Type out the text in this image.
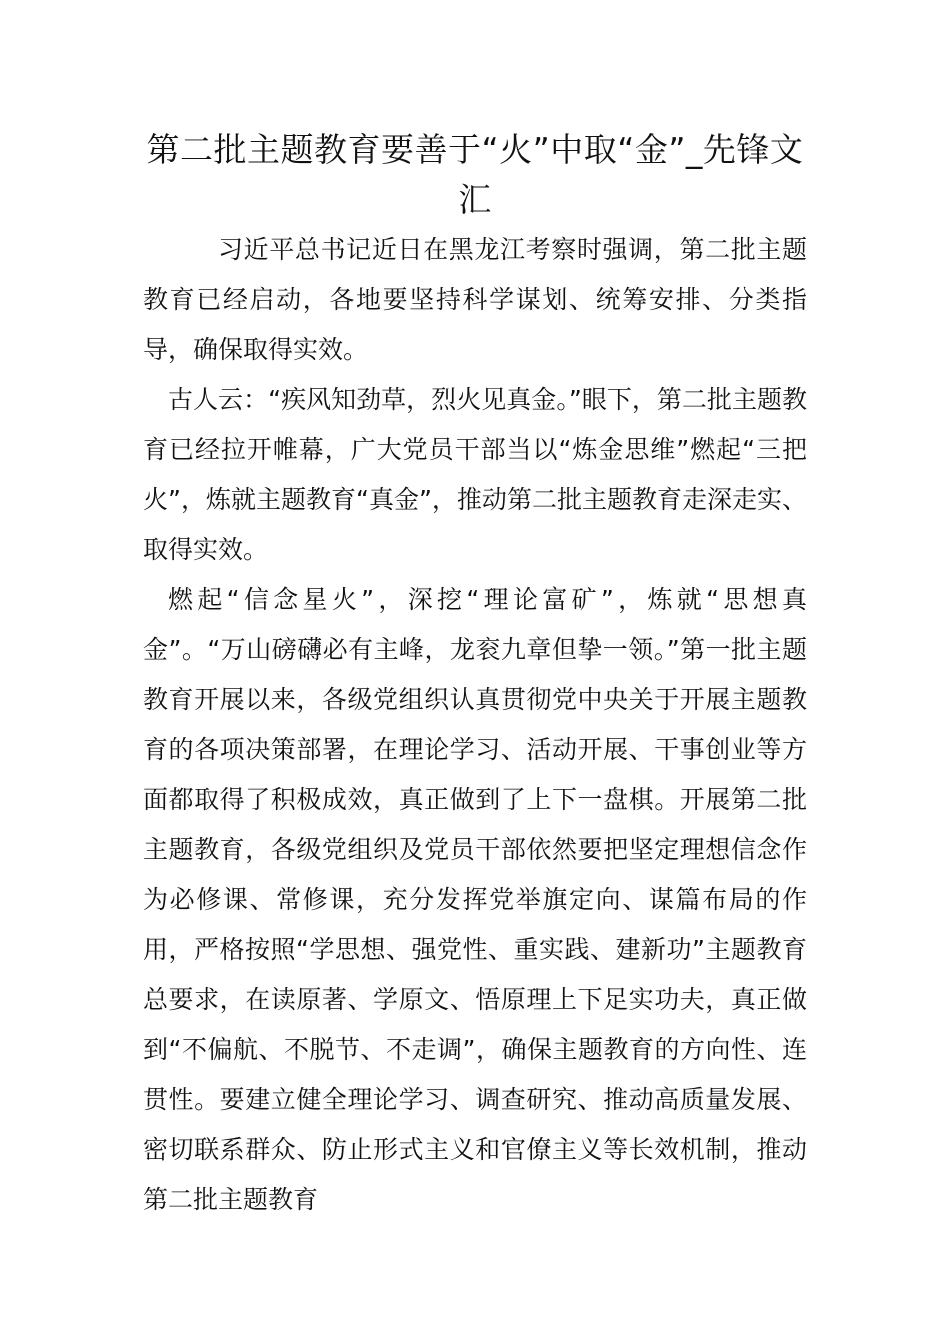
第二批主题教育要善于“火”中取“金”_先锋文汇

习近平总书记近日在黑龙江考察时强调，第二批主题教育已经启动，各地要坚持科学谋划、统筹安排、分类指导，确保取得实效。

古人云：“疾风知劲草，烈火见真金。”眼下，第二批主题教育已经拉开帷幕，广大党员干部当以“炼金思维”燃起“三把火”，炼就主题教育“真金”，推动第二批主题教育走深走实、取得实效。

燃起“信念星火”，深挖“理论富矿”，炼就“思想真金”。“万山磅礴必有主峰，龙衮九章但挚一领。”第一批主题教育开展以来，各级党组织认真贯彻党中央关于开展主题教育的各项决策部署，在理论学习、活动开展、干事创业等方面都取得了积极成效，真正做到了上下一盘棋。开展第二批主题教育，各级党组织及党员干部依然要把坚定理想信念作为必修课、常修课，充分发挥党举旗定向、谋篇布局的作用，严格按照“学思想、强党性、重实践、建新功”主题教育总要求，在读原著、学原文、悟原理上下足实功夫，真正做到“不偏航、不脱节、不走调”，确保主题教育的方向性、连贯性。要建立健全理论学习、调查研究、推动高质量发展、密切联系群众、防止形式主义和官僚主义等长效机制，推动第二批主题教育
